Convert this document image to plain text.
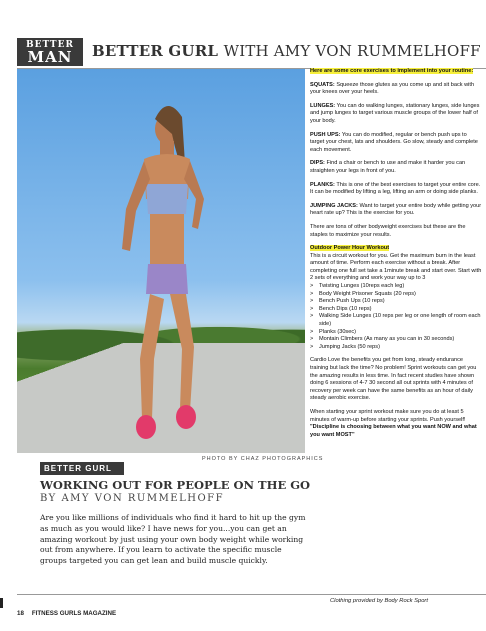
BETTER
MAN	BETTER GURL WITH AMY VON RUMMELHOFF
PHOTO BY CHAZ PHOTOGRAPHICS
BETTER GURL
WORKING OUT FOR PEOPLE ON THE GO
BY AMY VON RUMMELHOFF
Are you like millions of individuals who find it hard to hit up the gym as much as you would like? I have news for you...you can get an amazing workout by just using your own body weight while working out from anywhere. If you learn to activate the specific muscle groups targeted you can get lean and build muscle quickly.

Here are some core exercises to implement into your routine:

SQUATS: Squeeze those glutes as you come up and sit back with your knees over your heels.

LUNGES: You can do walking lunges, stationary lunges, side lunges and jump lunges to target various muscle groups of the lower half of your body.

PUSH UPS: You can do modified, regular or bench push ups to target your chest, lats and shoulders. Go slow, steady and complete each movement.

DIPS: Find a chair or bench to use and make it harder you can straighten your legs in front of you.

PLANKS: This is one of the best exercises to target your entire core. It can be modified by lifting a leg, lifting an arm or doing side planks.

JUMPING JACKS: Want to target your entire body while getting your heart rate up? This is the exercise for you.

There are tons of other bodyweight exercises but these are the staples to maximize your results.

Outdoor Power Hour Workout
This is a circuit workout for you. Get the maximum burn in the least amount of time. Perform each exercise without a break. After completing one full set take a 1minute break and start over. Start with 2 sets of everything and work your way up to 3
> Twisting Lunges (10reps each leg)
> Body Weight Prisoner Squats (20 reps)
> Bench Push Ups (10 reps)
> Bench Dips (10 reps)
> Walking Side Lunges (10 reps per leg or one length of room each side)
> Planks (30sec)
> Montain Climbers (As many as you can in 30 seconds)
> Jumping Jacks (50 reps)

Cardio Love the benefits you get from long, steady endurance training but lack the time? No problem! Sprint workouts can get you the amazing results in less time. In fact recent studies have shown doing 6 sessions of 4-7 30 second all out sprints with 4 minutes of recovery per week can have the same benefits as an hour of daily steady aerobic exercise.

When starting your sprint workout make sure you do at least 5 minutes of warm-up before starting your sprints. Push yourself!

"Discipline is choosing between what you want NOW and what you want MOST"

Clothing provided by Body Rock Sport
18 FITNESS GURLS MAGAZINE
